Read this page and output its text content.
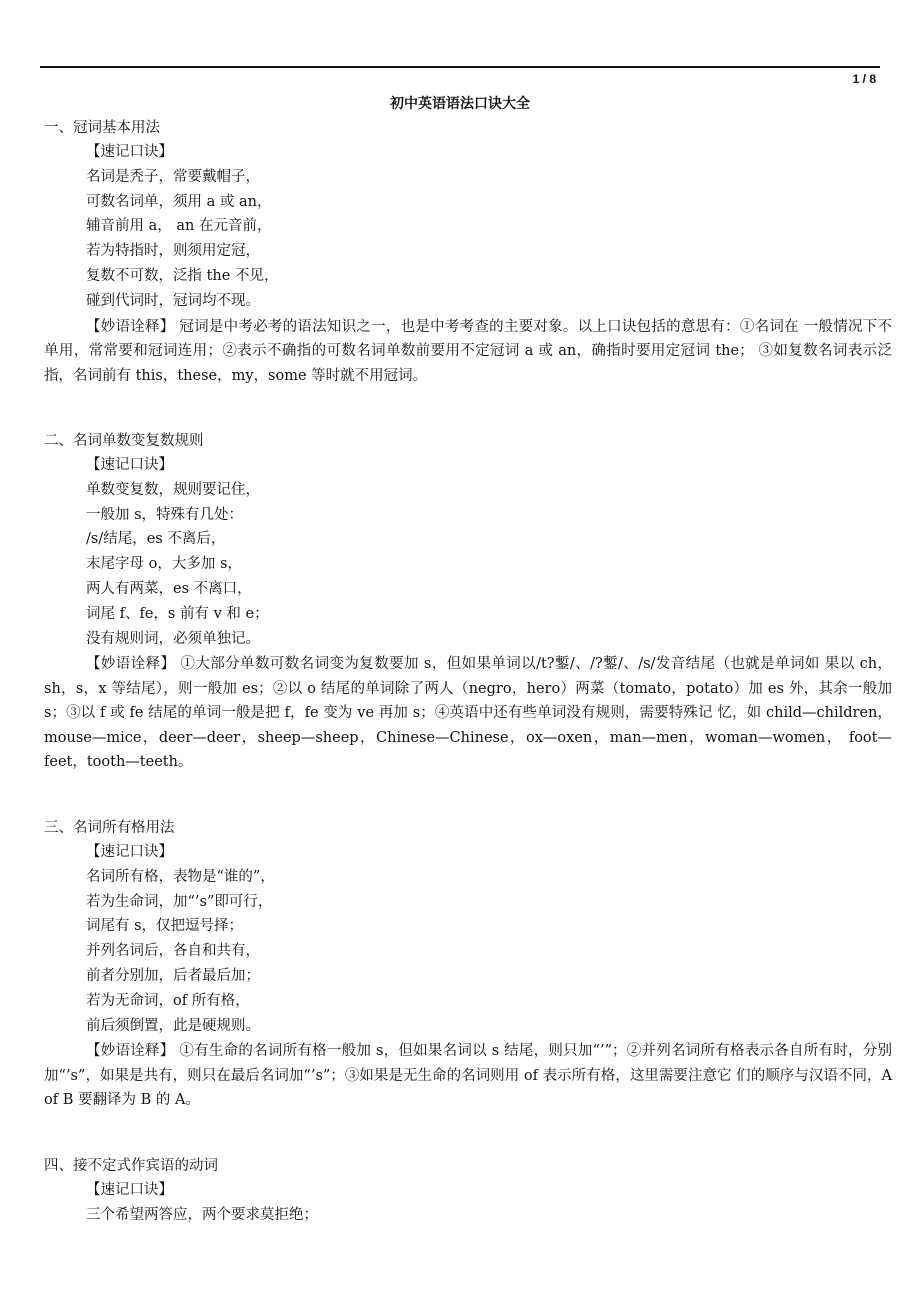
1 / 8
初中英语语法口诀大全
一、冠词基本用法
【速记口诀】
名词是秃子，常要戴帽子，
可数名词单，须用 a 或 an，
辅音前用 a， an 在元音前，
若为特指时，则须用定冠，
复数不可数，泛指 the 不见，
碰到代词时，冠词均不现。

【妙语诠释】 冠词是中考必考的语法知识之一，也是中考考查的主要对象。以上口诀包括的意思有：①名词在 一般情况下不单用，常常要和冠词连用；②表示不确指的可数名词单数前要用不定冠词 a 或 an，确指时要用定冠词 the； ③如复数名词表示泛指，名词前有 this，these，my，some 等时就不用冠词。

二、名词单数变复数规则
【速记口诀】
单数变复数，规则要记住，
一般加 s，特殊有几处：
/s/结尾，es 不离后，
末尾字母 o，大多加 s，
两人有两菜，es 不离口，
词尾 f、fe，s 前有 v 和 e；
没有规则词，必须单独记。

【妙语诠释】 ①大部分单数可数名词变为复数要加 s，但如果单词以/t?鏨/、/?鏨/、/s/发音结尾（也就是单词如 果以 ch，sh，s，x 等结尾），则一般加 es；②以 o 结尾的单词除了两人（negro，hero）两菜（tomato，potato）加 es 外，其余一般加 s；③以 f 或 fe 结尾的单词一般是把 f，fe 变为 ve 再加 s；④英语中还有些单词没有规则，需要特殊记 忆，如 child—children，mouse—mice，deer—deer，sheep—sheep，Chinese—Chinese，ox—oxen，man—men，woman—women， foot—feet，tooth—teeth。

三、名词所有格用法
【速记口诀】
名词所有格，表物是“谁的”，
若为生命词，加“’s”即可行，
词尾有 s，仅把逗号择；
并列名词后，各自和共有，
前者分别加，后者最后加；
若为无命词，of 所有格，
前后须倒置，此是硬规则。

【妙语诠释】 ①有生命的名词所有格一般加 s，但如果名词以 s 结尾，则只加“’”；②并列名词所有格表示各自所有时，分别加“’s”，如果是共有，则只在最后名词加“’s”；③如果是无生命的名词则用 of 表示所有格，这里需要注意它 们的顺序与汉语不同，A of B 要翻译为 B 的 A。

四、接不定式作宾语的动词
【速记口诀】
三个希望两答应，两个要求莫拒绝；
